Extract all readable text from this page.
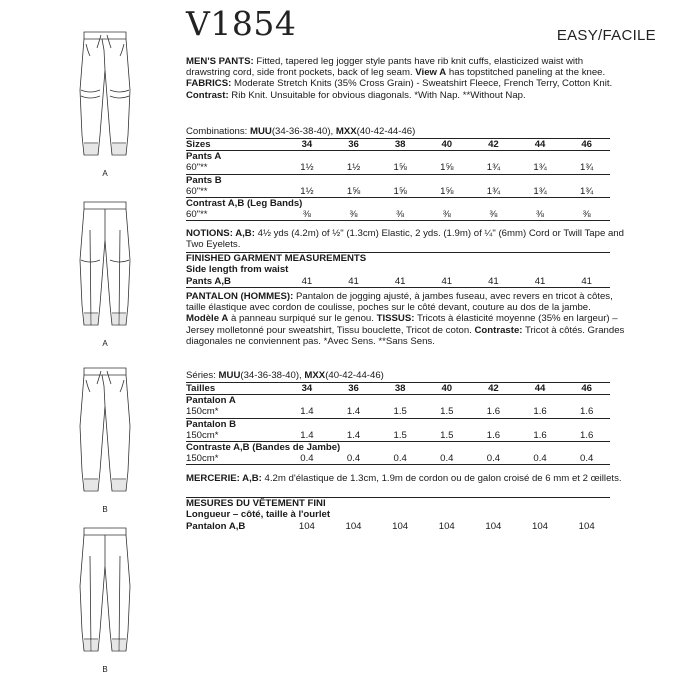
A
A
B
B
V1854	EASY/FACILE
MEN'S PANTS: Fitted, tapered leg jogger style pants have rib knit cuffs, elasticized waist with drawstring cord, side front pockets, back of leg seam. View A has topstitched paneling at the knee. FABRICS: Moderate Stretch Knits (35% Cross Grain) - Sweatshirt Fleece, French Terry, Cotton Knit. Contrast: Rib Knit. Unsuitable for obvious diagonals. *With Nap. **Without Nap.
Combinations: MUU(34-36-38-40), MXX(40-42-44-46)
Sizes	34	36	38	40	42	44	46
Pants A							
60"**	1½	1½	1⅝	1⅝	1¾	1¾	1¾
Pants B							
60"**	1½	1⅝	1⅝	1⅝	1¾	1¾	1¾
Contrast A,B (Leg Bands)							
60"**	⅜	⅜	⅜	⅜	⅜	⅜	⅜
NOTIONS: A,B: 4½ yds (4.2m) of ½" (1.3cm) Elastic, 2 yds. (1.9m) of ¼" (6mm) Cord or Twill Tape and Two Eyelets.
FINISHED GARMENT MEASUREMENTS
Side length from waist
Pants A,B	41	41	41	41	41	41	41
PANTALON (HOMMES): Pantalon de jogging ajusté, à jambes fuseau, avec revers en tricot à côtes, taille élastique avec cordon de coulisse, poches sur le côté devant, couture au dos de la jambe. Modèle A à panneau surpiqué sur le genou. TISSUS: Tricots à élasticité moyenne (35% en largeur) – Jersey molletonné pour sweatshirt, Tissu bouclette, Tricot de coton. Contraste: Tricot à côtés. Grandes diagonales ne conviennent pas. *Avec Sens. **Sans Sens.
Séries: MUU(34-36-38-40), MXX(40-42-44-46)
Tailles	34	36	38	40	42	44	46
Pantalon A							
150cm*	1.4	1.4	1.5	1.5	1.6	1.6	1.6
Pantalon B							
150cm*	1.4	1.4	1.5	1.5	1.6	1.6	1.6
Contraste A,B (Bandes de Jambe)							
150cm*	0.4	0.4	0.4	0.4	0.4	0.4	0.4
MERCERIE: A,B: 4.2m d'élastique de 1.3cm, 1.9m de cordon ou de galon croisé de 6 mm et 2 œillets.
MESURES DU VÊTEMENT FINI
Longueur – côté, taille à l'ourlet
Pantalon A,B	104	104	104	104	104	104	104
